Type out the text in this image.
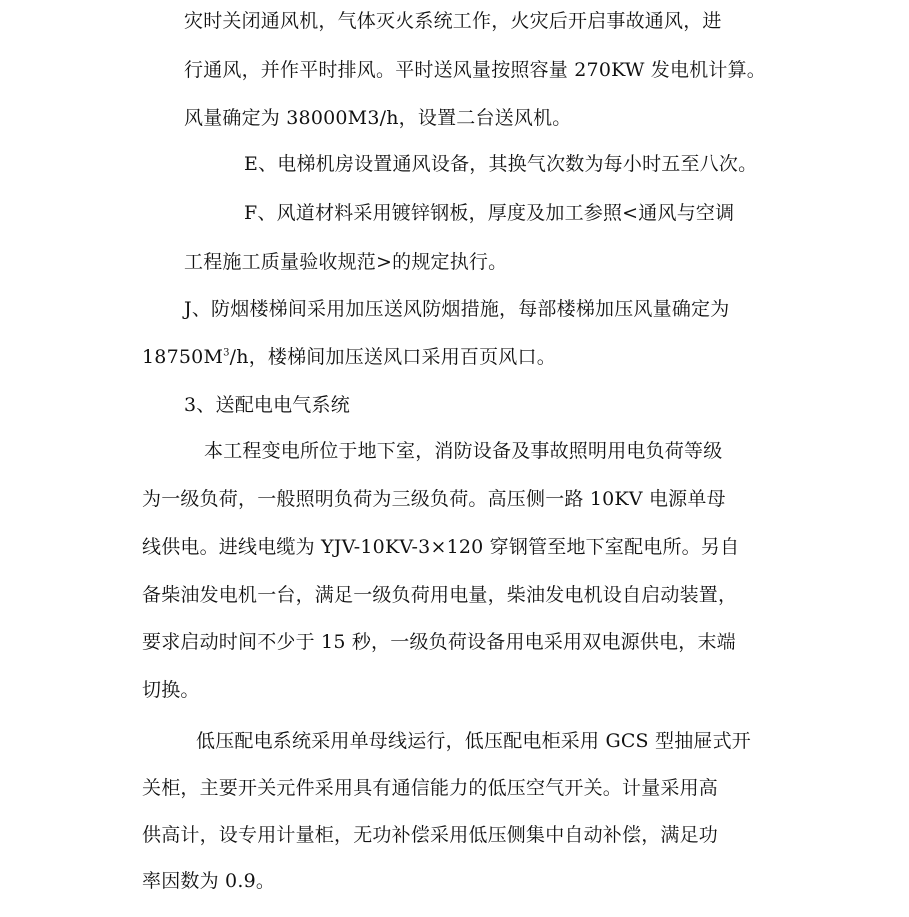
灾时关闭通风机，气体灭火系统工作，火灾后开启事故通风，进
行通风，并作平时排风。平时送风量按照容量 270KW 发电机计算。
风量确定为 38000M3/h，设置二台送风机。
E、电梯机房设置通风设备，其换气次数为每小时五至八次。
F、风道材料采用镀锌钢板，厚度及加工参照<通风与空调
工程施工质量验收规范>的规定执行。
J、防烟楼梯间采用加压送风防烟措施，每部楼梯加压风量确定为
$18750M^3/h$，楼梯间加压送风口采用百页风口。
3、送配电电气系统
本工程变电所位于地下室，消防设备及事故照明用电负荷等级
为一级负荷，一般照明负荷为三级负荷。高压侧一路 10KV 电源单母
线供电。进线电缆为 YJV-10KV-3×120 穿钢管至地下室配电所。另自
备柴油发电机一台，满足一级负荷用电量，柴油发电机设自启动装置，
要求启动时间不少于 15 秒，一级负荷设备用电采用双电源供电，末端
切换。
低压配电系统采用单母线运行，低压配电柜采用 GCS 型抽屉式开
关柜，主要开关元件采用具有通信能力的低压空气开关。计量采用高
供高计，设专用计量柜，无功补偿采用低压侧集中自动补偿，满足功
率因数为 0.9。
